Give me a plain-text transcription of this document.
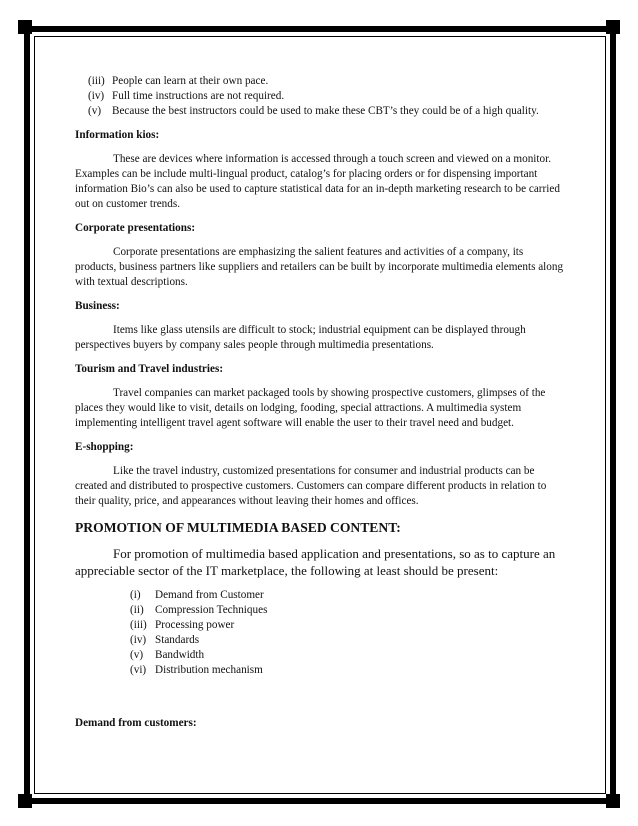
(iii) People can learn at their own pace.
(iv) Full time instructions are not required.
(v) Because the best instructors could be used to make these CBT’s they could be of a high quality.
Information kios:

These are devices where information is accessed through a touch screen and viewed on a monitor. Examples can be include multi-lingual product, catalog’s for placing orders or for dispensing important information Bio’s can also be used to capture statistical data for an in-depth marketing research to be carried out on customer trends.

Corporate presentations:

Corporate presentations are emphasizing the salient features and activities of a company, its products, business partners like suppliers and retailers can be built by incorporate multimedia elements along with textual descriptions.

Business:

Items like glass utensils are difficult to stock; industrial equipment can be displayed through perspectives buyers by company sales people through multimedia presentations.

Tourism and Travel industries:

Travel companies can market packaged tools by showing prospective customers, glimpses of the places they would like to visit, details on lodging, fooding, special attractions. A multimedia system implementing intelligent travel agent software will enable the user to their travel need and budget.

E-shopping:

Like the travel industry, customized presentations for consumer and industrial products can be created and distributed to prospective customers. Customers can compare different products in relation to their quality, price, and appearances without leaving their homes and offices.

PROMOTION OF MULTIMEDIA BASED CONTENT:

For promotion of multimedia based application and presentations, so as to capture an appreciable sector of the IT marketplace, the following at least should be present:

(i)	Demand from Customer
(ii)	Compression Techniques
(iii) Processing power
(iv) Standards
(v)	Bandwidth
(vi) Distribution mechanism
Demand from customers:
